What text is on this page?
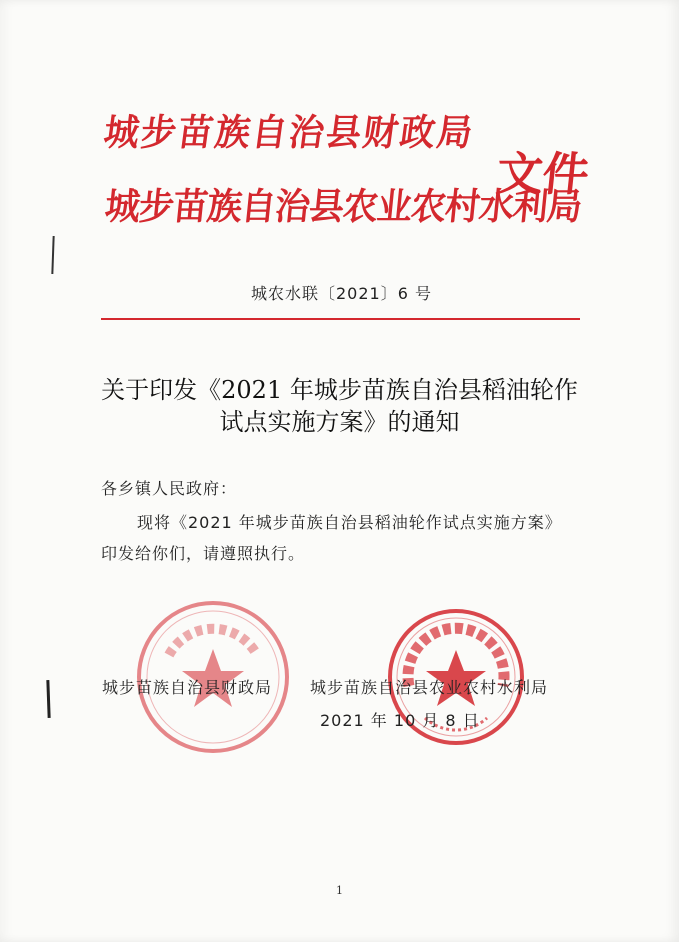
城步苗族自治县财政局
城步苗族自治县农业农村水利局
文件
城农水联〔2021〕6 号
关于印发《2021 年城步苗族自治县稻油轮作
试点实施方案》的通知
各乡镇人民政府：
现将《2021 年城步苗族自治县稻油轮作试点实施方案》
印发给你们，请遵照执行。
城步苗族自治县财政局 城步苗族自治县农业农村水利局
2021 年 10 月 8 日
1
